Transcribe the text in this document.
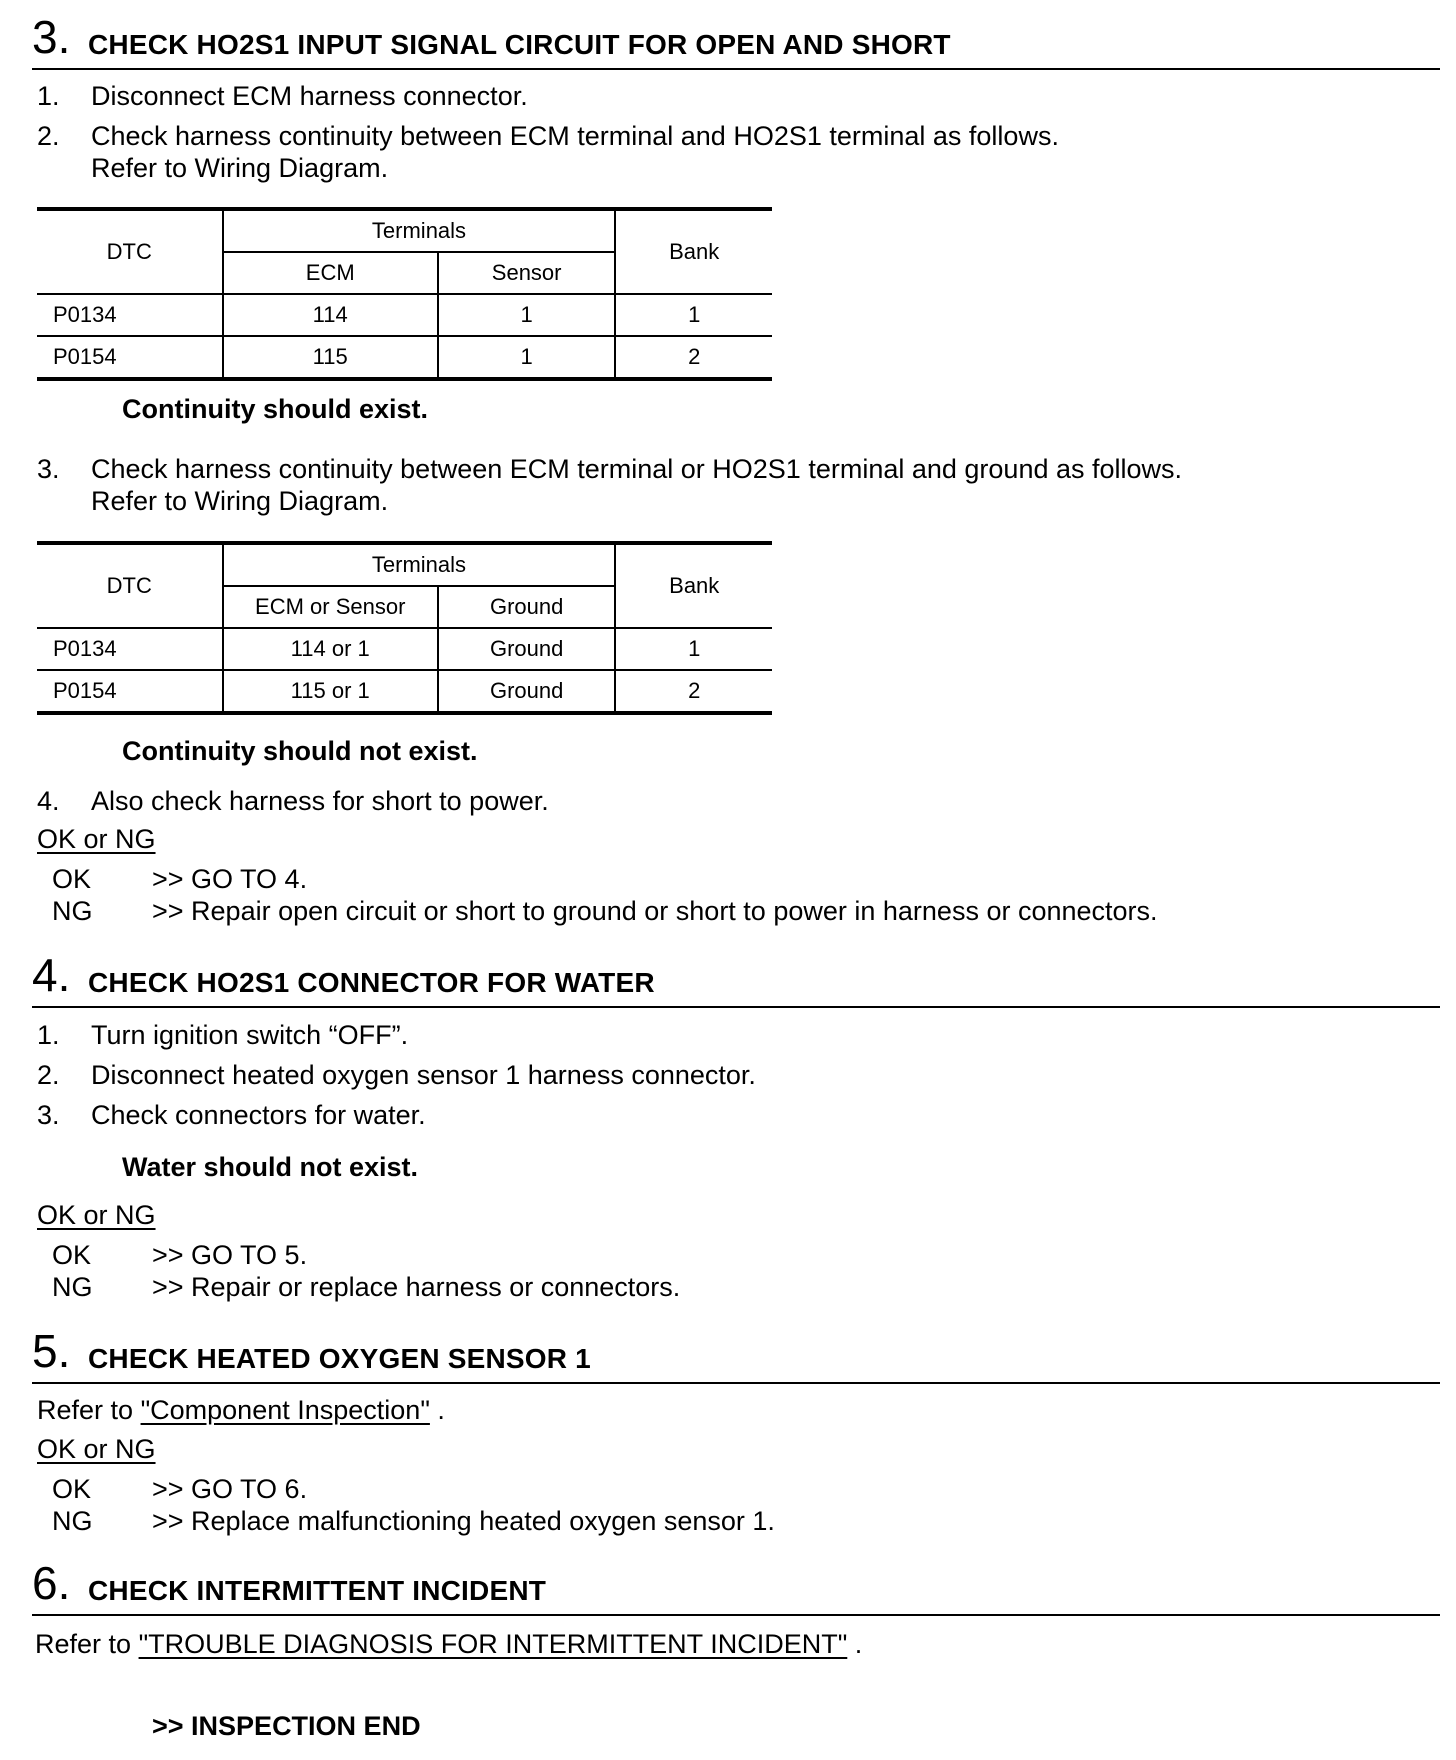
3. CHECK HO2S1 INPUT SIGNAL CIRCUIT FOR OPEN AND SHORT
1. Disconnect ECM harness connector.
2. Check harness continuity between ECM terminal and HO2S1 terminal as follows.
Refer to Wiring Diagram.
DTC	Terminals		Bank
	ECM	Sensor	
P0134	114	1	1
P0154	115	1	2
Continuity should exist.
3. Check harness continuity between ECM terminal or HO2S1 terminal and ground as follows.
Refer to Wiring Diagram.
DTC	Terminals		Bank
	ECM or Sensor	Ground	
P0134	114 or 1	Ground	1
P0154	115 or 1	Ground	2
Continuity should not exist.
4. Also check harness for short to power.
OK or NG
OK >> GO TO 4.
NG >> Repair open circuit or short to ground or short to power in harness or connectors.
4. CHECK HO2S1 CONNECTOR FOR WATER
1. Turn ignition switch “OFF”.
2. Disconnect heated oxygen sensor 1 harness connector.
3. Check connectors for water.
Water should not exist.
OK or NG
OK >> GO TO 5.
NG >> Repair or replace harness or connectors.
5. CHECK HEATED OXYGEN SENSOR 1
Refer to "Component Inspection" .
OK or NG
OK >> GO TO 6.
NG >> Replace malfunctioning heated oxygen sensor 1.
6. CHECK INTERMITTENT INCIDENT
Refer to "TROUBLE DIAGNOSIS FOR INTERMITTENT INCIDENT" .
>> INSPECTION END
